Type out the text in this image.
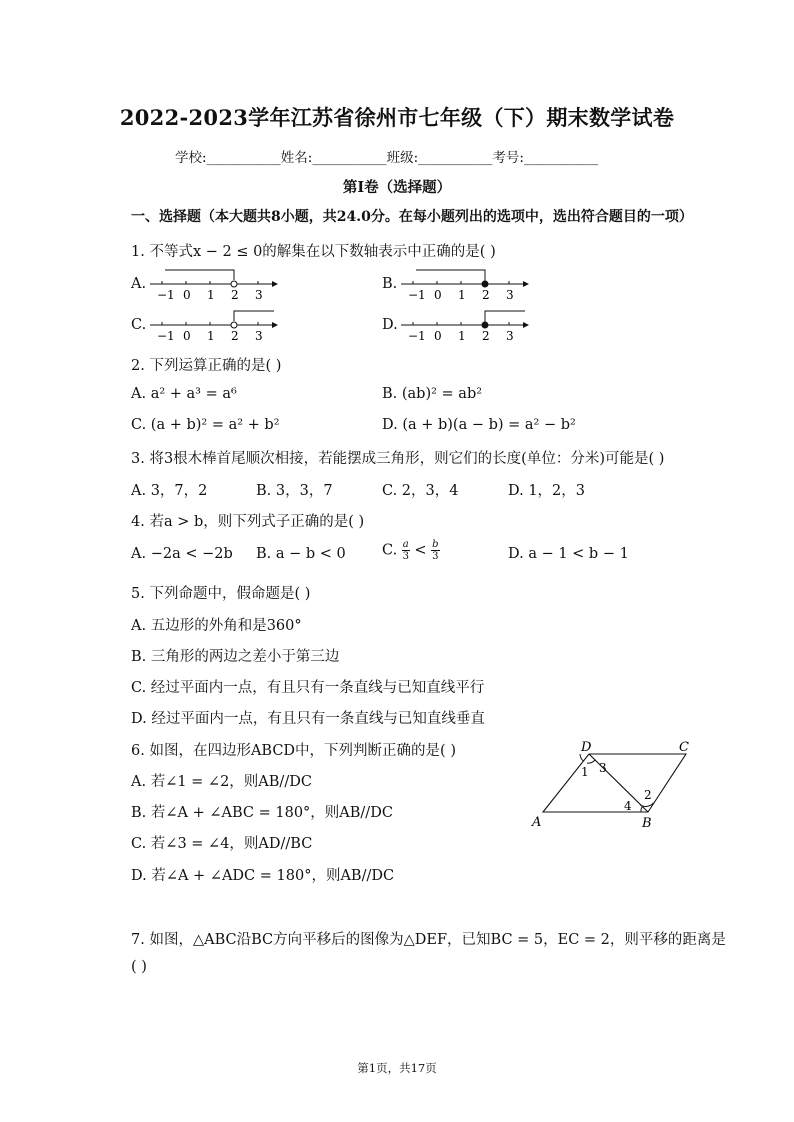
2022-2023学年江苏省徐州市七年级（下）期末数学试卷
学校:___________姓名:___________班级:___________考号:___________
第Ⅰ卷（选择题）
一、选择题（本大题共8小题，共24.0分。在每小题列出的选项中，选出符合题目的一项）
1. 不等式x − 2 ≤ 0的解集在以下数轴表示中正确的是( )
A.
−1 0 1 2 3
B.
−1 0 1 2 3
C.
−1 0 1 2 3
D.
−1 0 1 2 3
2. 下列运算正确的是( )
A. a² + a³ = a⁶	B. (ab)² = ab²
C. (a + b)² = a² + b²	D. (a + b)(a − b) = a² − b²
3. 将3根木棒首尾顺次相接，若能摆成三角形，则它们的长度(单位：分米)可能是( )
A. 3，7，2	B. 3，3，7	C. 2，3，4	D. 1，2，3
4. 若a > b，则下列式子正确的是( )
A. −2a < −2b B. a − b < 0 C. $\frac{a}{3} < \frac{b}{3}$	D. a − 1 < b − 1
5. 下列命题中，假命题是( )
A. 五边形的外角和是360°
B. 三角形的两边之差小于第三边
C. 经过平面内一点，有且只有一条直线与已知直线平行
D. 经过平面内一点，有且只有一条直线与已知直线垂直
6. 如图，在四边形ABCD中，下列判断正确的是( )
A. 若∠1 = ∠2，则AB//DC
B. 若∠A + ∠ABC = 180°，则AB//DC
C. 若∠3 = ∠4，则AD//BC
D. 若∠A + ∠ADC = 180°，则AB//DC
A	B
C
D
1
2
3
4
7. 如图，△ABC沿BC方向平移后的图像为△DEF，已知BC = 5，EC = 2，则平移的距离是
( )
第1页，共17页
